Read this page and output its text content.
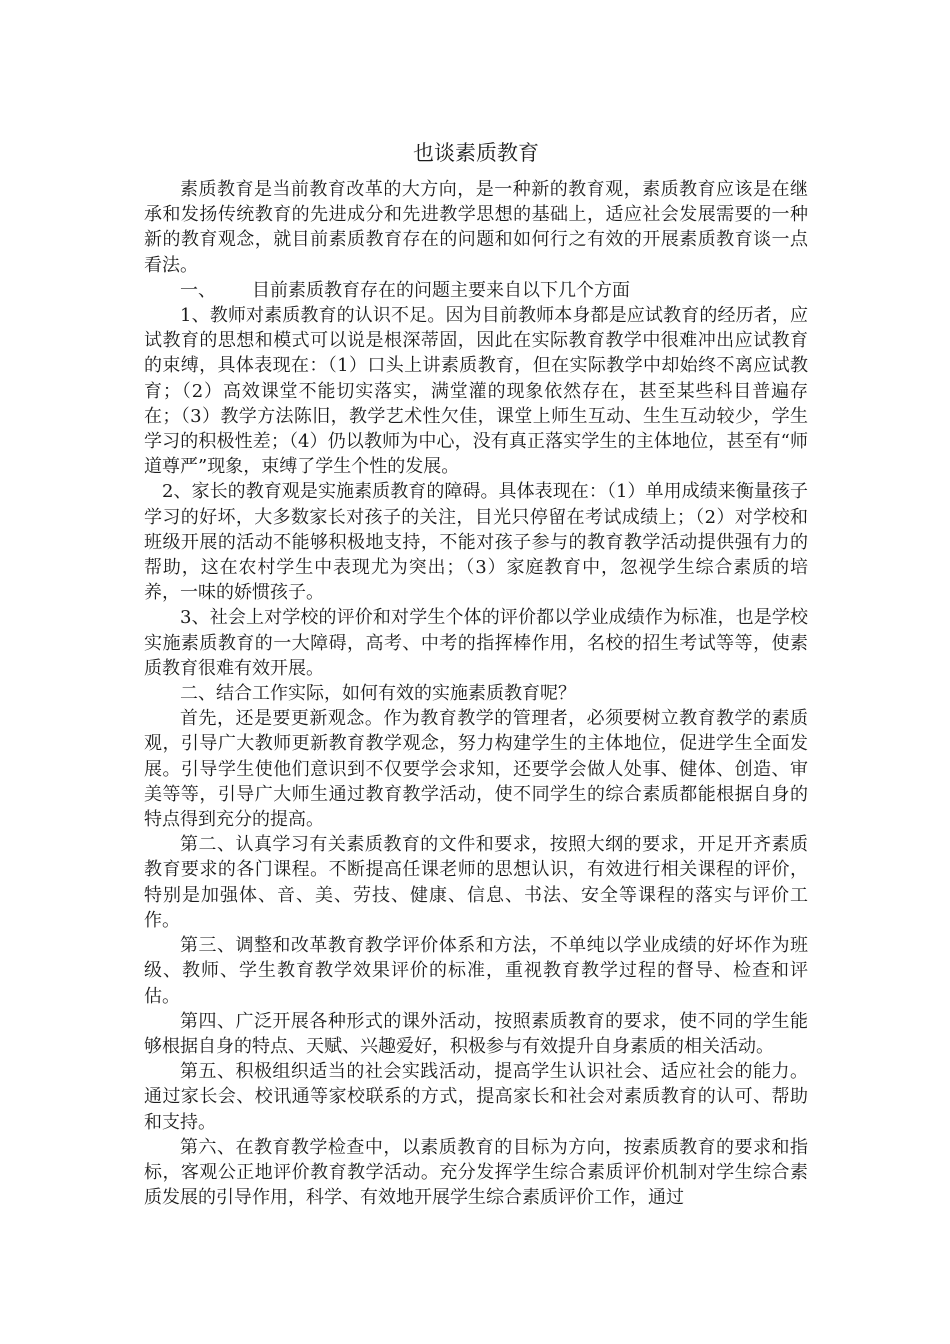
也谈素质教育

素质教育是当前教育改革的大方向，是一种新的教育观，素质教育应该是在继承和发扬传统教育的先进成分和先进教学思想的基础上，适应社会发展需要的一种新的教育观念，就目前素质教育存在的问题和如何行之有效的开展素质教育谈一点看法。

一、 目前素质教育存在的问题主要来自以下几个方面

1、教师对素质教育的认识不足。因为目前教师本身都是应试教育的经历者，应试教育的思想和模式可以说是根深蒂固，因此在实际教育教学中很难冲出应试教育的束缚，具体表现在：（1）口头上讲素质教育，但在实际教学中却始终不离应试教育；（2）高效课堂不能切实落实，满堂灌的现象依然存在，甚至某些科目普遍存在；（3）教学方法陈旧，教学艺术性欠佳，课堂上师生互动、生生互动较少，学生学习的积极性差；（4）仍以教师为中心，没有真正落实学生的主体地位，甚至有“师道尊严”现象，束缚了学生个性的发展。

2、家长的教育观是实施素质教育的障碍。具体表现在：（1）单用成绩来衡量孩子学习的好坏，大多数家长对孩子的关注，目光只停留在考试成绩上；（2）对学校和班级开展的活动不能够积极地支持，不能对孩子参与的教育教学活动提供强有力的帮助，这在农村学生中表现尤为突出；（3）家庭教育中，忽视学生综合素质的培养，一味的娇惯孩子。

3、社会上对学校的评价和对学生个体的评价都以学业成绩作为标准，也是学校实施素质教育的一大障碍，高考、中考的指挥棒作用，名校的招生考试等等，使素质教育很难有效开展。

二、结合工作实际，如何有效的实施素质教育呢？

首先，还是要更新观念。作为教育教学的管理者，必须要树立教育教学的素质观，引导广大教师更新教育教学观念，努力构建学生的主体地位，促进学生全面发展。引导学生使他们意识到不仅要学会求知，还要学会做人处事、健体、创造、审美等等，引导广大师生通过教育教学活动，使不同学生的综合素质都能根据自身的特点得到充分的提高。

第二、认真学习有关素质教育的文件和要求，按照大纲的要求，开足开齐素质教育要求的各门课程。不断提高任课老师的思想认识，有效进行相关课程的评价，特别是加强体、音、美、劳技、健康、信息、书法、安全等课程的落实与评价工作。

第三、调整和改革教育教学评价体系和方法，不单纯以学业成绩的好坏作为班级、教师、学生教育教学效果评价的标准，重视教育教学过程的督导、检查和评估。

第四、广泛开展各种形式的课外活动，按照素质教育的要求，使不同的学生能够根据自身的特点、天赋、兴趣爱好，积极参与有效提升自身素质的相关活动。

第五、积极组织适当的社会实践活动，提高学生认识社会、适应社会的能力。通过家长会、校讯通等家校联系的方式，提高家长和社会对素质教育的认可、帮助和支持。

第六、在教育教学检查中，以素质教育的目标为方向，按素质教育的要求和指标，客观公正地评价教育教学活动。充分发挥学生综合素质评价机制对学生综合素质发展的引导作用，科学、有效地开展学生综合素质评价工作，通过
